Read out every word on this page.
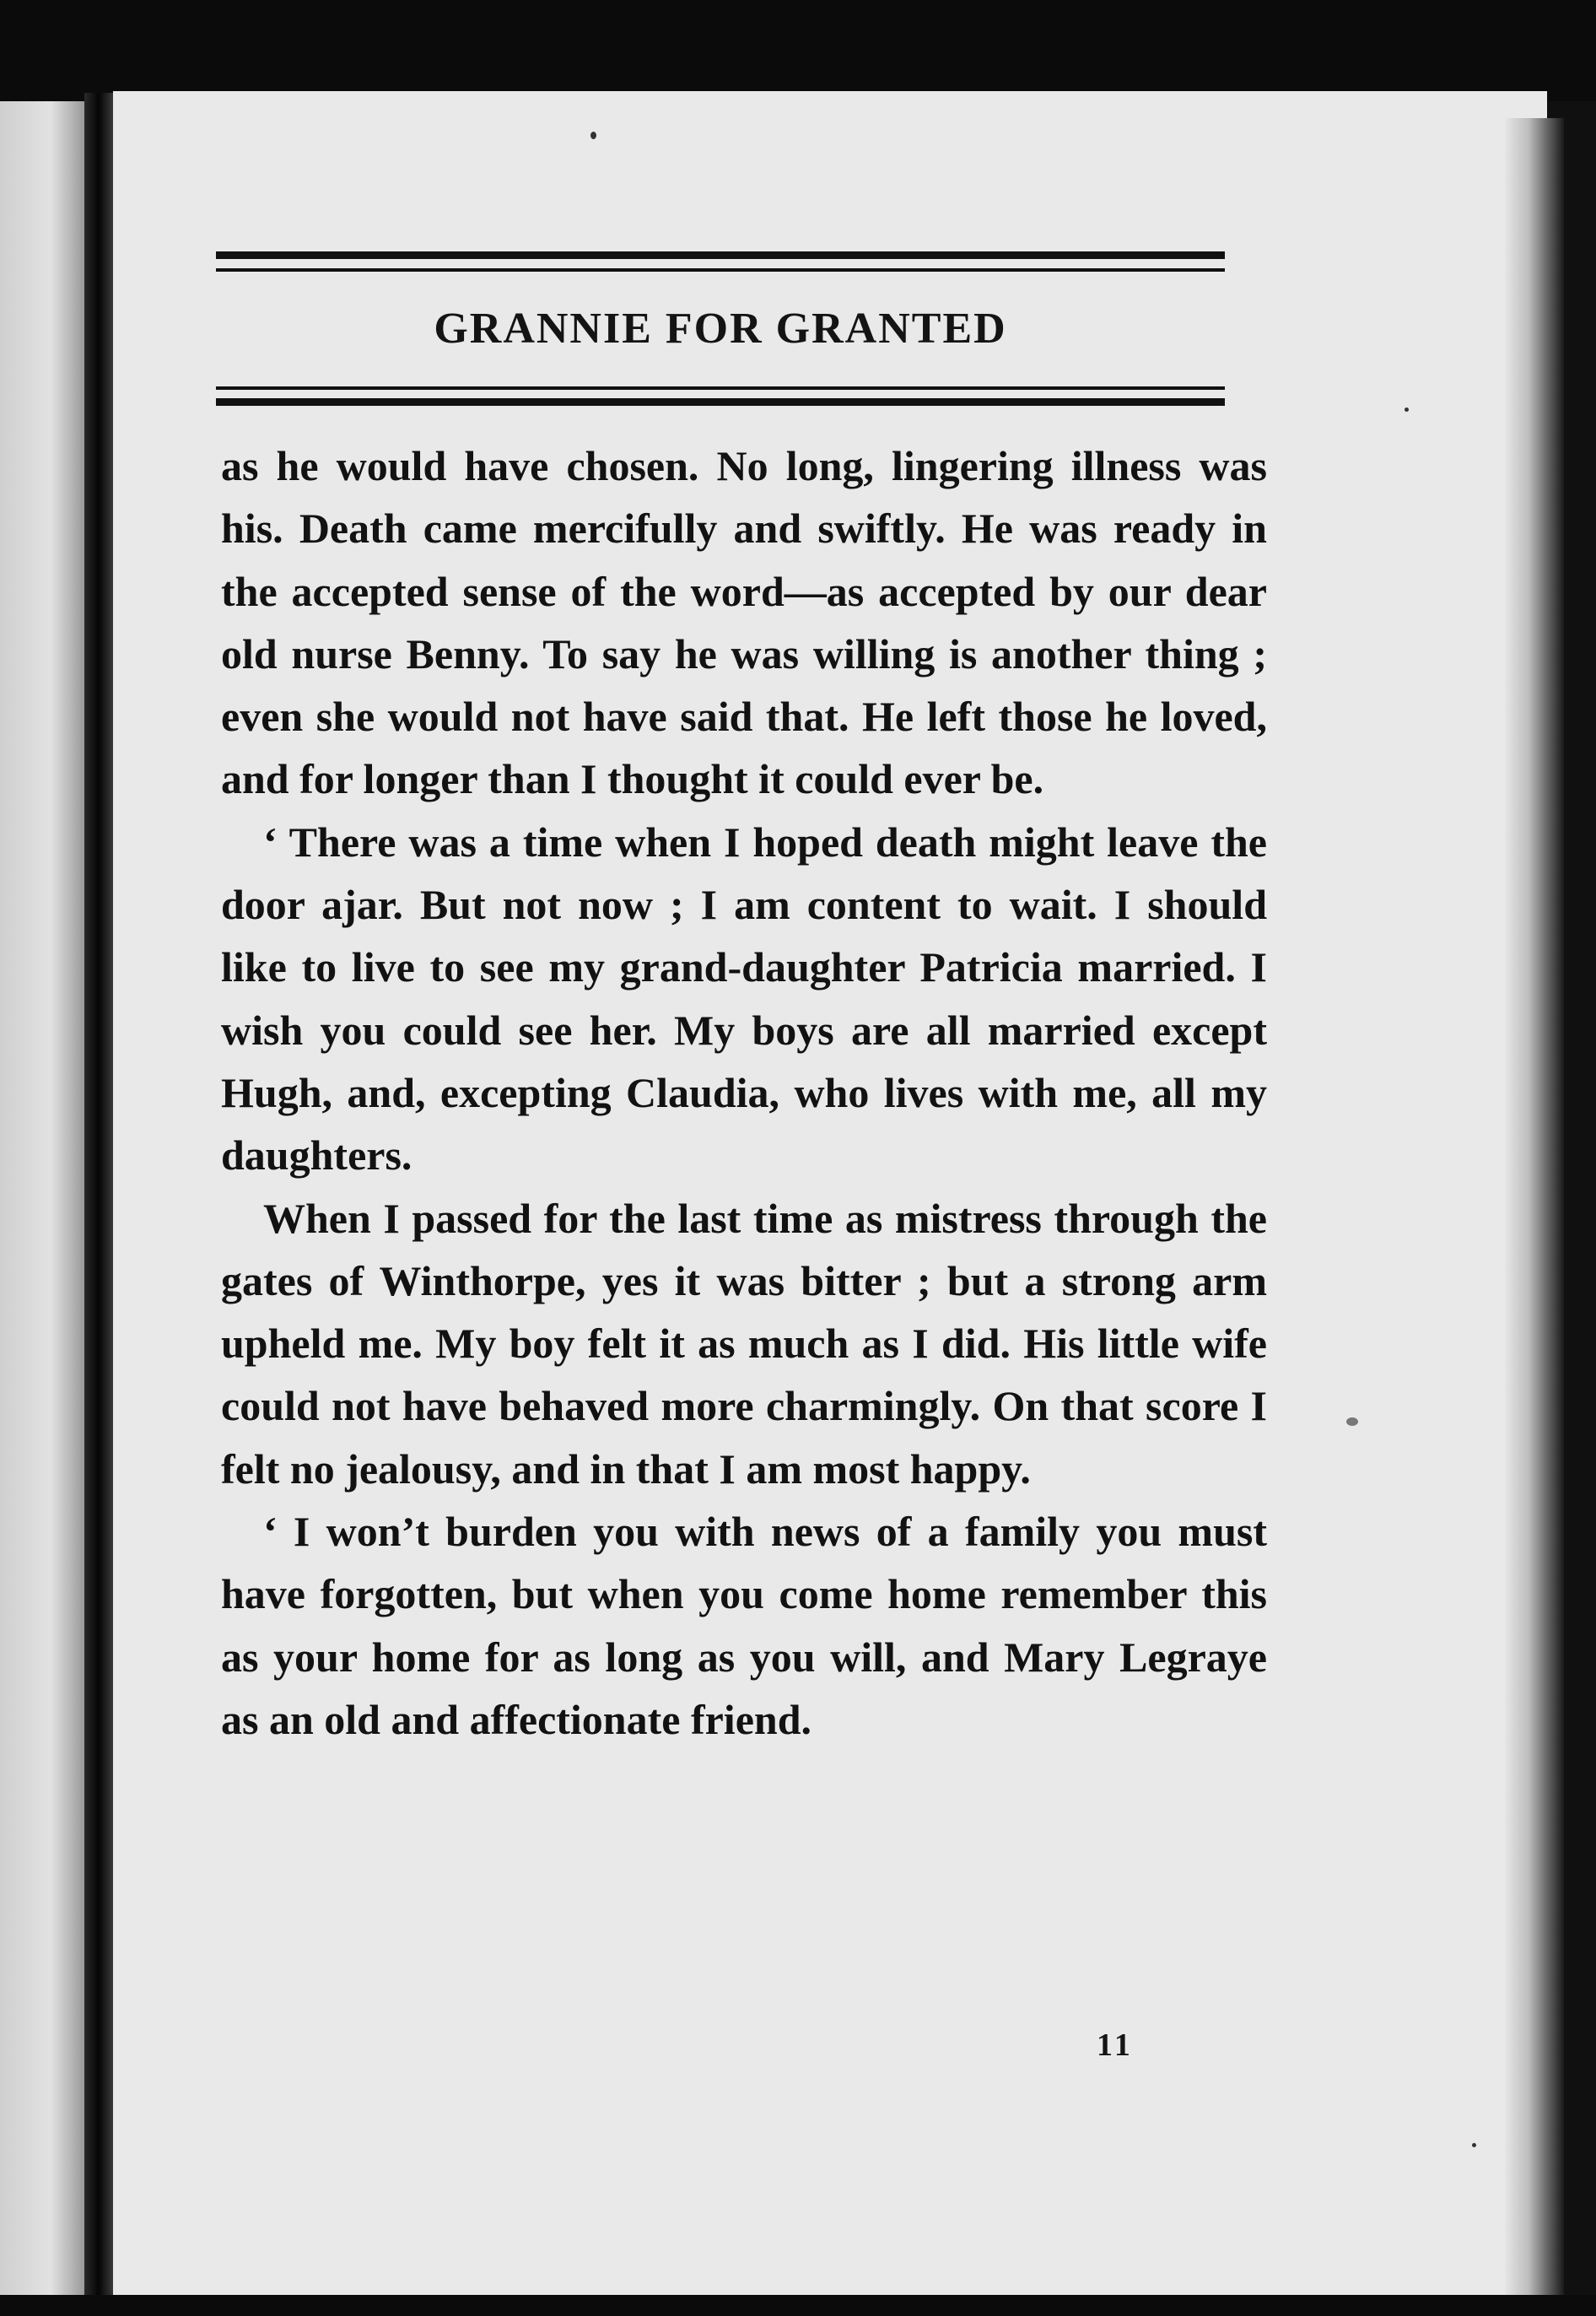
GRANNIE FOR GRANTED

as he would have chosen. No long, lingering illness was his. Death came mercifully and swiftly. He was ready in the accepted sense of the word—as accepted by our dear old nurse Benny. To say he was willing is another thing ; even she would not have said that. He left those he loved, and for longer than I thought it could ever be.

‘ There was a time when I hoped death might leave the door ajar. But not now ; I am content to wait. I should like to live to see my grand-daughter Patricia married. I wish you could see her. My boys are all married except Hugh, and, excepting Claudia, who lives with me, all my daughters.

When I passed for the last time as mistress through the gates of Winthorpe, yes it was bitter ; but a strong arm upheld me. My boy felt it as much as I did. His little wife could not have behaved more charmingly. On that score I felt no jealousy, and in that I am most happy.

‘ I won’t burden you with news of a family you must have forgotten, but when you come home remember this as your home for as long as you will, and Mary Legraye as an old and affectionate friend.

11
